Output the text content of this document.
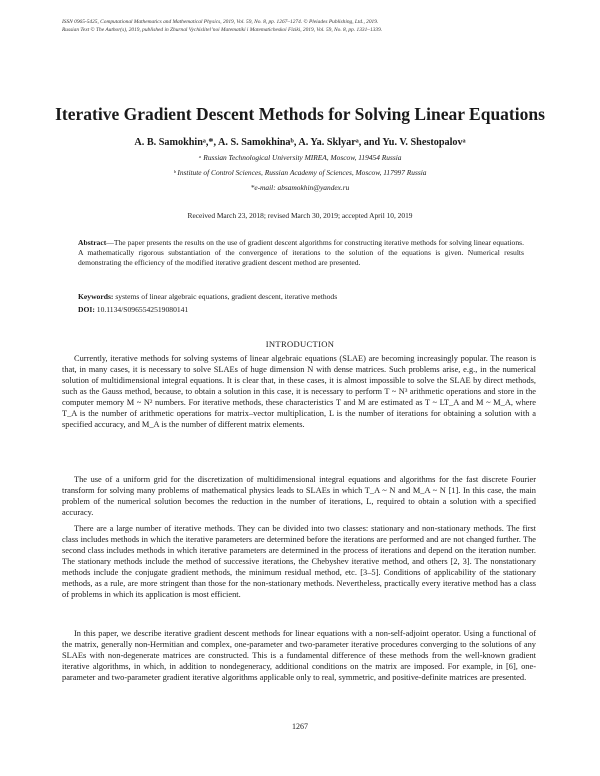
ISSN 0965-5425, Computational Mathematics and Mathematical Physics, 2019, Vol. 59, No. 8, pp. 1267–1274. © Pleiades Publishing, Ltd., 2019.
Russian Text © The Author(s), 2019, published in Zhurnal Vychislitel’noi Matematiki i Matematicheskoi Fiziki, 2019, Vol. 59, No. 8, pp. 1331–1339.
Iterative Gradient Descent Methods for Solving Linear Equations
A. B. Samokhinᵃ,*, A. S. Samokhinaᵇ, A. Ya. Sklyarᵃ, and Yu. V. Shestopalovᵃ
ᵃ Russian Technological University MIREA, Moscow, 119454 Russia
ᵇ Institute of Control Sciences, Russian Academy of Sciences, Moscow, 117997 Russia
*e-mail: absamokhin@yandex.ru
Received March 23, 2018; revised March 30, 2019; accepted April 10, 2019
Abstract—The paper presents the results on the use of gradient descent algorithms for constructing iterative methods for solving linear equations. A mathematically rigorous substantiation of the convergence of iterations to the solution of the equations is given. Numerical results demonstrating the efficiency of the modified iterative gradient descent method are presented.
Keywords: systems of linear algebraic equations, gradient descent, iterative methods
DOI: 10.1134/S0965542519080141
INTRODUCTION
Currently, iterative methods for solving systems of linear algebraic equations (SLAE) are becoming increasingly popular. The reason is that, in many cases, it is necessary to solve SLAEs of huge dimension N with dense matrices. Such problems arise, e.g., in the numerical solution of multidimensional integral equations. It is clear that, in these cases, it is almost impossible to solve the SLAE by direct methods, such as the Gauss method, because, to obtain a solution in this case, it is necessary to perform T ~ N³ arithmetic operations and store in the computer memory M ~ N² numbers. For iterative methods, these characteristics T and M are estimated as T ~ LT_A and M ~ M_A, where T_A is the number of arithmetic operations for matrix–vector multiplication, L is the number of iterations for obtaining a solution with a specified accuracy, and M_A is the number of different matrix elements.
The use of a uniform grid for the discretization of multidimensional integral equations and algorithms for the fast discrete Fourier transform for solving many problems of mathematical physics leads to SLAEs in which T_A ~ N and M_A ~ N [1]. In this case, the main problem of the numerical solution becomes the reduction in the number of iterations, L, required to obtain a solution with a specified accuracy.
There are a large number of iterative methods. They can be divided into two classes: stationary and non-stationary methods. The first class includes methods in which the iterative parameters are determined before the iterations are performed and are not changed further. The second class includes methods in which iterative parameters are determined in the process of iterations and depend on the iteration number. The stationary methods include the method of successive iterations, the Chebyshev iterative method, and others [2, 3]. The nonstationary methods include the conjugate gradient methods, the minimum residual method, etc. [3–5]. Conditions of applicability of the stationary methods, as a rule, are more stringent than those for the non-stationary methods. Nevertheless, practically every iterative method has a class of problems in which its application is most efficient.
In this paper, we describe iterative gradient descent methods for linear equations with a non-self-adjoint operator. Using a functional of the matrix, generally non-Hermitian and complex, one-parameter and two-parameter iterative procedures converging to the solutions of any SLAEs with non-degenerate matrices are constructed. This is a fundamental difference of these methods from the well-known gradient iterative algorithms, in which, in addition to nondegeneracy, additional conditions on the matrix are imposed. For example, in [6], one-parameter and two-parameter gradient iterative algorithms applicable only to real, symmetric, and positive-definite matrices are presented.
1267
